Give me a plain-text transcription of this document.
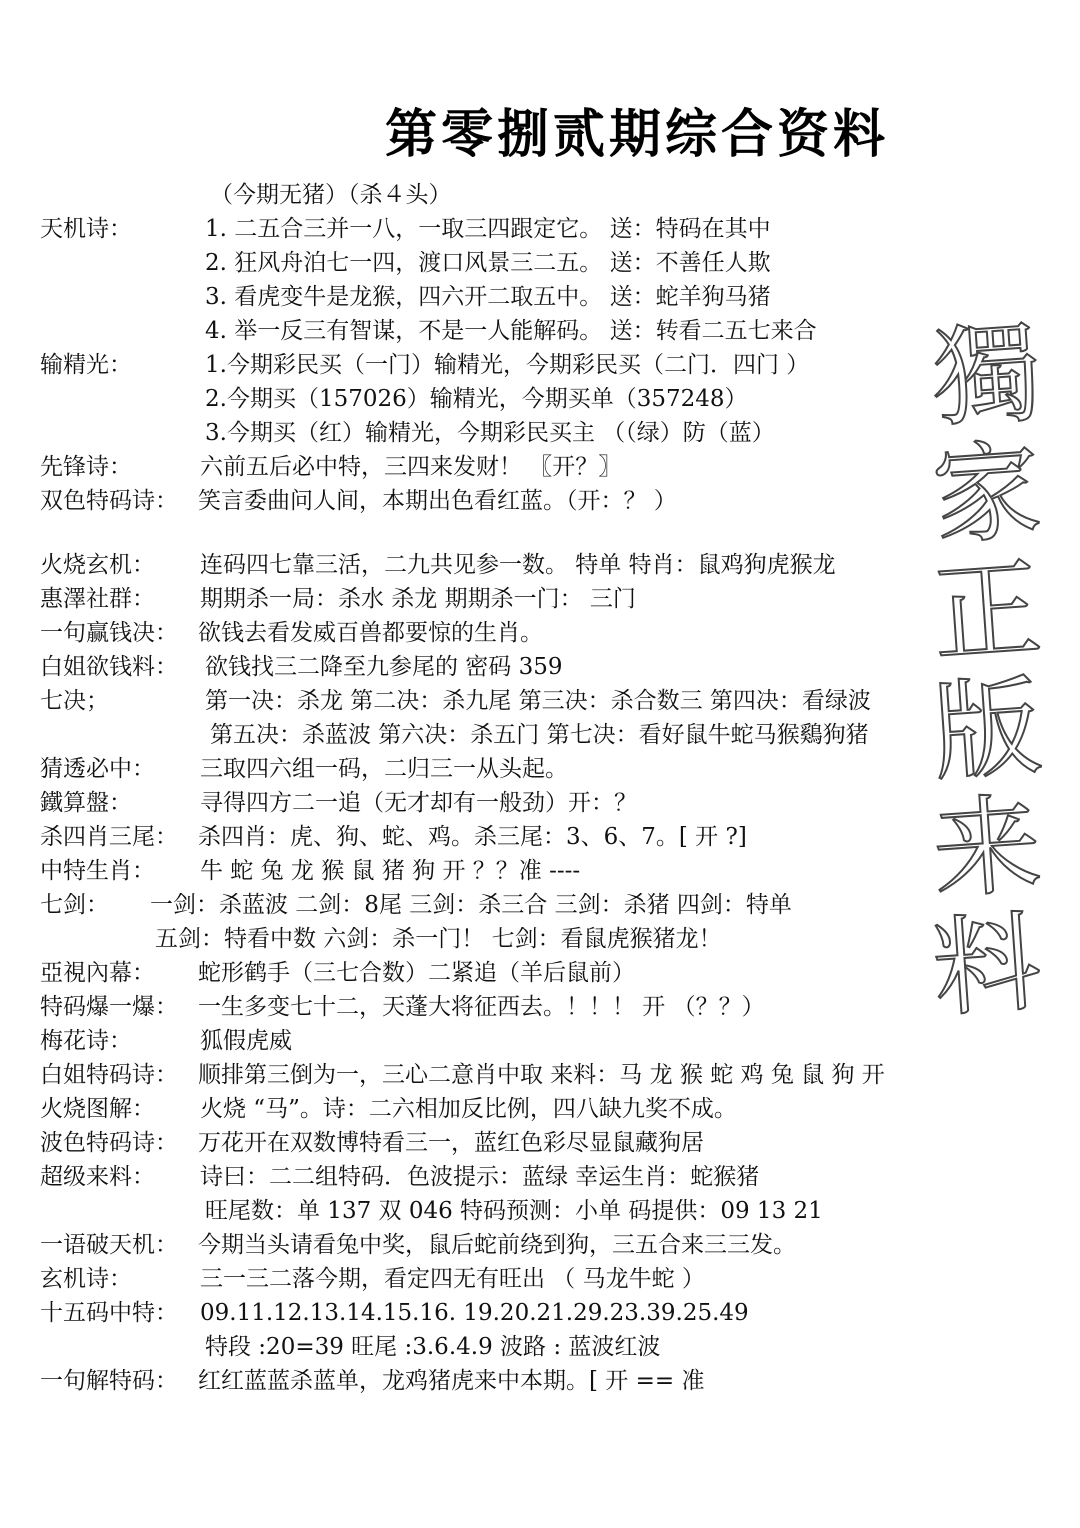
第零捌贰期综合资料
（今期无猪）（杀４头）
天机诗：	1. 二五合三并一八，一取三四跟定它。 送：特码在其中
2. 狂风舟泊七一四，渡口风景三二五。 送：不善任人欺
3. 看虎变牛是龙猴，四六开二取五中。 送：蛇羊狗马猪
4. 举一反三有智谋，不是一人能解码。 送：转看二五七来合
输精光：	1.今期彩民买（一门）输精光，今期彩民买（二门．四门 ）
2.今期买（157026）输精光，今期买单（357248）
3.今期买（红）输精光，今期彩民买主 （（绿）防（蓝）
先锋诗：	六前五后必中特，三四来发财！ 〖开？〗
双色特码诗： 笑言委曲问人间，本期出色看红蓝。（开：？ ）
火烧玄机： 连码四七靠三活，二九共见参一数。 特单 特肖：鼠鸡狗虎猴龙
惠澤社群： 期期杀一局：杀水 杀龙 期期杀一门： 三门
一句赢钱决： 欲钱去看发威百兽都要惊的生肖。
白姐欲钱料： 欲钱找三二降至九参尾的 密码 359
七决；	第一决：杀龙 第二决：杀九尾 第三决：杀合数三 第四决：看绿波
第五决：杀蓝波 第六决：杀五门 第七决：看好鼠牛蛇马猴鷄狗猪
猜透必中： 三取四六组一码，二归三一从头起。
鐵算盤：	寻得四方二一追（无才却有一般劲）开：？
杀四肖三尾： 杀四肖：虎、狗、蛇、鸡。杀三尾：3、6、7。[ 开 ?]
中特生肖： 牛 蛇 兔 龙 猴 鼠 猪 狗 开 ？？准 ----
七剑： 一剑：杀蓝波 二剑：8尾 三剑：杀三合 三剑：杀猪 四剑：特单
五剑：特看中数 六剑：杀一门！ 七剑：看鼠虎猴猪龙！
亞視內幕： 蛇形鹤手（三七合数）二紧追（羊后鼠前）
特码爆一爆： 一生多变七十二，天蓬大将征西去。！！！ 开 （？？）
梅花诗：	狐假虎威
白姐特码诗： 顺排第三倒为一，三心二意肖中取 来料：马 龙 猴 蛇 鸡 兔 鼠 狗 开
火烧图解： 火烧 “马”。诗：二六相加反比例，四八缺九奖不成。
波色特码诗： 万花开在双数博特看三一，蓝红色彩尽显鼠藏狗居
超级来料： 诗曰：二二组特码．色波提示：蓝绿 幸运生肖：蛇猴猪
旺尾数：单 137 双 046 特码预测：小单 码提供：09 13 21
一语破天机： 今期当头请看兔中奖，鼠后蛇前绕到狗，三五合来三三发。
玄机诗：	三一三二落今期，看定四无有旺出 （ 马龙牛蛇 ）
十五码中特： 09.11.12.13.14.15.16. 19.20.21.29.23.39.25.49
特段 :20=39 旺尾 :3.6.4.9 波路 : 蓝波红波
一句解特码： 红红蓝蓝杀蓝单，龙鸡猪虎来中本期。[ 开 == 准
獨
家
正
版
来
料
